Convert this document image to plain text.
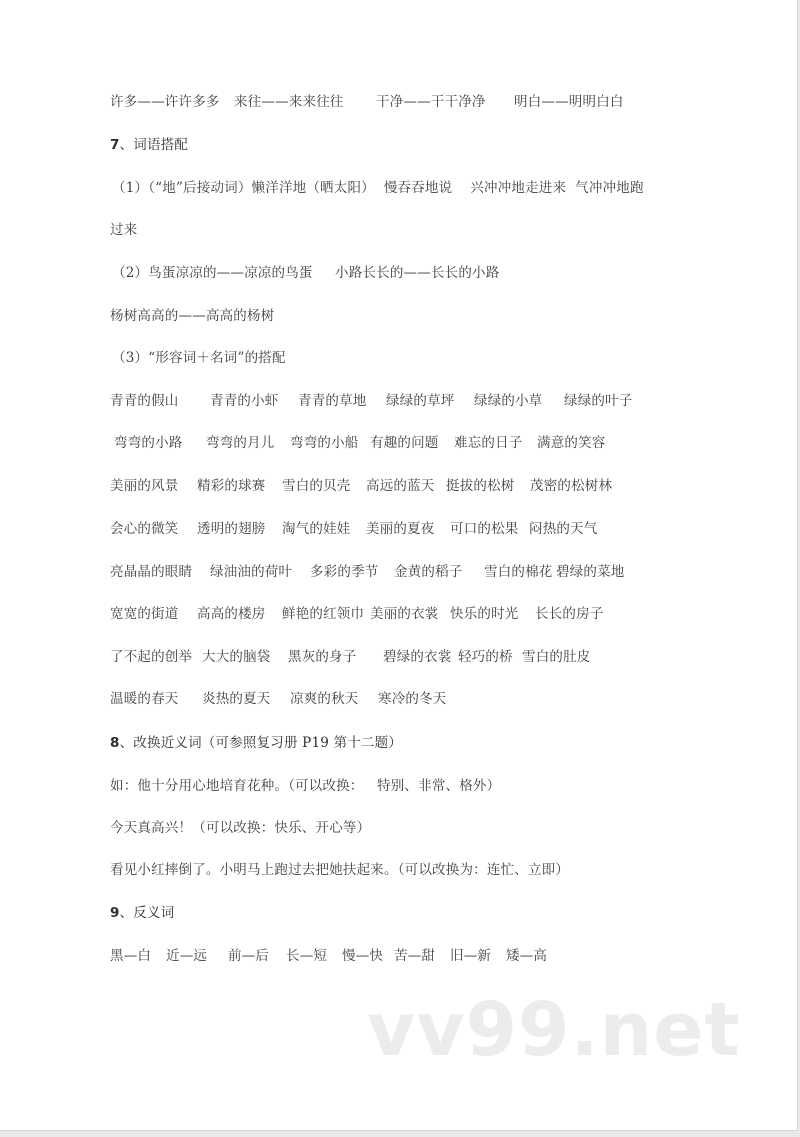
许多——许许多多 来往——来来往往 干净——干干净净 明白——明明白白
7、词语搭配
（1）（“地”后接动词）懒洋洋地（晒太阳）  慢吞吞地说    兴冲冲地走进来  气冲冲地跑
过来
（2）鸟蛋凉凉的——凉凉的鸟蛋     小路长长的——长长的小路
杨树高高的——高高的杨树
（3）“形容词＋名词”的搭配
青青的假山 青青的小虾 青青的草地 绿绿的草坪 绿绿的小草 绿绿的叶子
弯弯的小路 弯弯的月儿 弯弯的小船 有趣的问题 难忘的日子 满意的笑容
美丽的风景 精彩的球赛 雪白的贝壳 高远的蓝天 挺拔的松树 茂密的松树林
会心的微笑 透明的翅膀 淘气的娃娃 美丽的夏夜 可口的松果 闷热的天气
亮晶晶的眼睛 绿油油的荷叶 多彩的季节 金黄的稻子 雪白的棉花 碧绿的菜地
宽宽的街道 高高的楼房 鲜艳的红领巾 美丽的衣裳 快乐的时光 长长的房子
了不起的创举 大大的脑袋 黑灰的身子 碧绿的衣裳 轻巧的桥 雪白的肚皮
温暖的春天 炎热的夏天 凉爽的秋天 寒冷的冬天
8、改换近义词（可参照复习册 P19 第十二题）
如：他十分用心地培育花种。（可以改换：   特别、非常、格外）
今天真高兴！（可以改换：快乐、开心等）
看见小红摔倒了。小明马上跑过去把她扶起来。（可以改换为：连忙、立即）
9、反义词
黑—白 近—远 前—后 长—短 慢—快 苦—甜 旧—新 矮—高
vv99.net
